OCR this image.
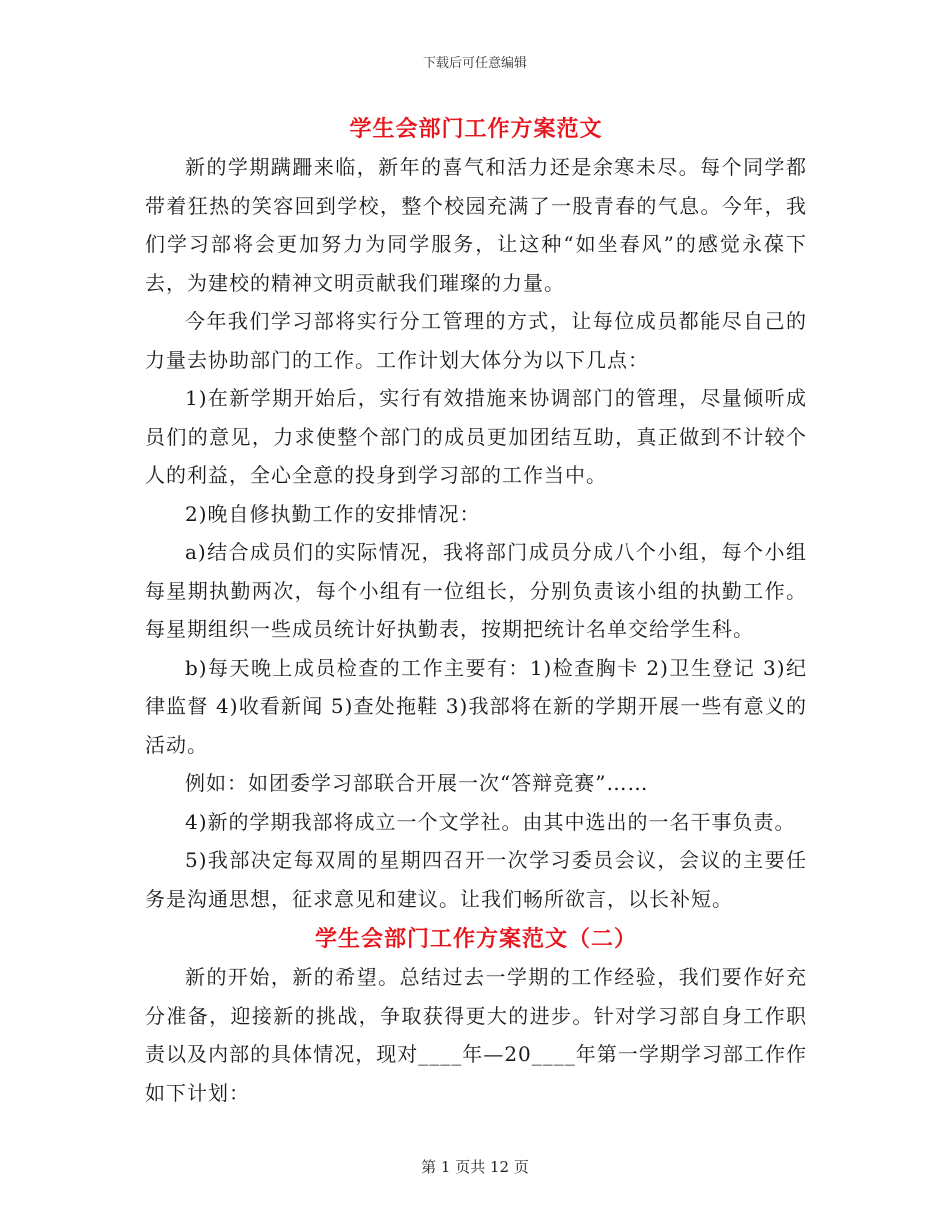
下载后可任意编辑
学生会部门工作方案范文

新的学期蹒跚来临，新年的喜气和活力还是余寒未尽。每个同学都带着狂热的笑容回到学校，整个校园充满了一股青春的气息。今年，我们学习部将会更加努力为同学服务，让这种“如坐春风”的感觉永葆下去，为建校的精神文明贡献我们璀璨的力量。

今年我们学习部将实行分工管理的方式，让每位成员都能尽自己的力量去协助部门的工作。工作计划大体分为以下几点：

1)在新学期开始后，实行有效措施来协调部门的管理，尽量倾听成员们的意见，力求使整个部门的成员更加团结互助，真正做到不计较个人的利益，全心全意的投身到学习部的工作当中。

2)晚自修执勤工作的安排情况：

a)结合成员们的实际情况，我将部门成员分成八个小组，每个小组每星期执勤两次，每个小组有一位组长，分别负责该小组的执勤工作。每星期组织一些成员统计好执勤表，按期把统计名单交给学生科。

b)每天晚上成员检查的工作主要有：1)检查胸卡 2)卫生登记 3)纪律监督 4)收看新闻 5)查处拖鞋 3)我部将在新的学期开展一些有意义的活动。

例如：如团委学习部联合开展一次“答辩竞赛”……

4)新的学期我部将成立一个文学社。由其中选出的一名干事负责。

5)我部决定每双周的星期四召开一次学习委员会议，会议的主要任务是沟通思想，征求意见和建议。让我们畅所欲言，以长补短。

学生会部门工作方案范文（二）

新的开始，新的希望。总结过去一学期的工作经验，我们要作好充分准备，迎接新的挑战，争取获得更大的进步。针对学习部自身工作职责以及内部的具体情况，现对____年—20____年第一学期学习部工作作如下计划：

第 1 页共 12 页
